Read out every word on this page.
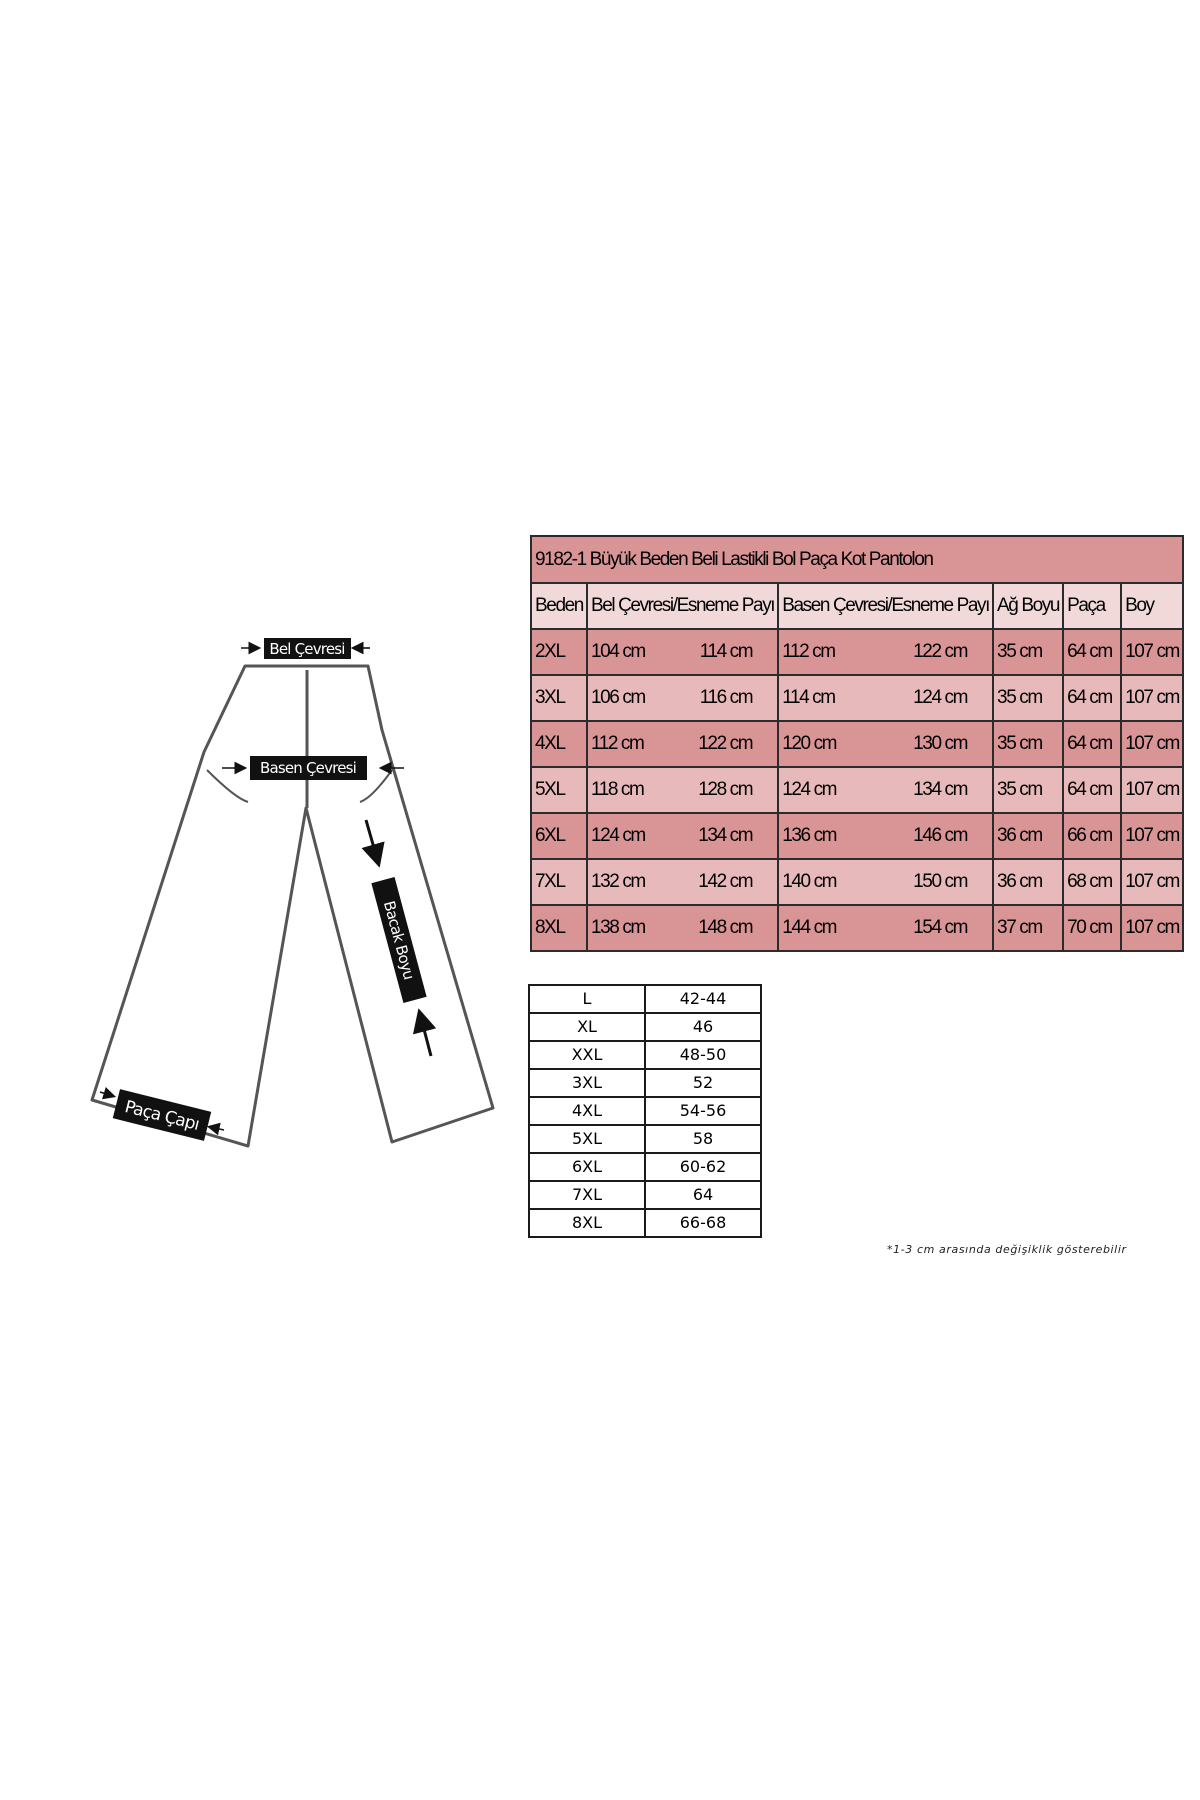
Bel Çevresi
Basen Çevresi
Bacak Boyu
Paça Çapı
9182-1 Büyük Beden Beli Lastikli Bol Paça Kot Pantolon					
Beden	Bel Çevresi/Esneme Payı	Basen Çevresi/Esneme Payı	Ağ Boyu	Paça	Boy
2XL	104 cm 114 cm	112 cm 122 cm	35 cm	64 cm	107 cm
3XL	106 cm 116 cm	114 cm 124 cm	35 cm	64 cm	107 cm
4XL	112 cm 122 cm	120 cm 130 cm	35 cm	64 cm	107 cm
5XL	118 cm 128 cm	124 cm 134 cm	35 cm	64 cm	107 cm
6XL	124 cm 134 cm	136 cm 146 cm	36 cm	66 cm	107 cm
7XL	132 cm 142 cm	140 cm 150 cm	36 cm	68 cm	107 cm
8XL	138 cm 148 cm	144 cm 154 cm	37 cm	70 cm	107 cm
L	42-44
XL	46
XXL	48-50
3XL	52
4XL	54-56
5XL	58
6XL	60-62
7XL	64
8XL	66-68
*1-3 cm arasında değişiklik gösterebilir
